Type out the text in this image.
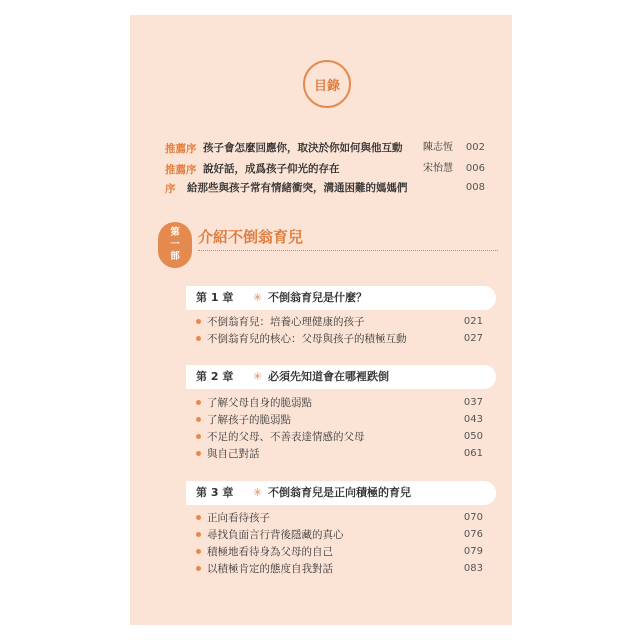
目錄
推薦序 孩子會怎麼回應你，取決於你如何與他互動 陳志恆 002
推薦序 說好話，成爲孩子仰光的存在	宋怡慧 006
序 給那些與孩子常有情緒衝突，溝通困難的媽媽們	008
第
一
部
介紹不倒翁育兒
第 1 章 ✳ 不倒翁育兒是什麼？
不倒翁育兒：培養心理健康的孩子	021
不倒翁育兒的核心：父母與孩子的積極互動	027
第 2 章 ✳ 必須先知道會在哪裡跌倒
了解父母自身的脆弱點	037
了解孩子的脆弱點	043
不足的父母、不善表達情感的父母	050
與自己對話	061
第 3 章 ✳ 不倒翁育兒是正向積極的育兒
正向看待孩子	070
尋找負面言行背後隱藏的真心	076
積極地看待身為父母的自己	079
以積極肯定的態度自我對話	083
